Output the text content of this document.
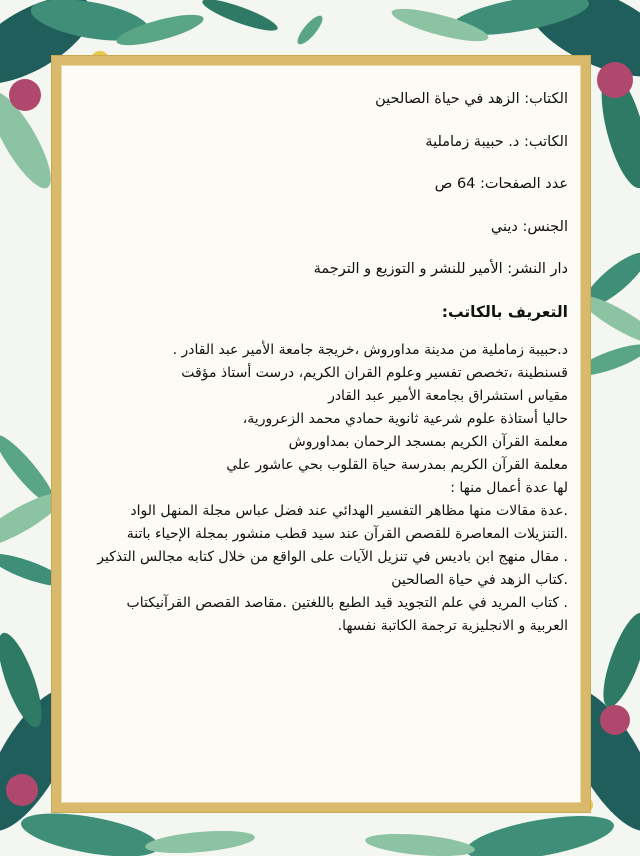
الكتاب: الزهد في حياة الصالحين

الكاتب: د. حبيبة زماملية

عدد الصفحات: 64 ص

الجنس: ديني

دار النشر: الأمير للنشر و التوزيع و الترجمة

التعريف بالكاتب:

د.حبيبة زماملية من مدينة مداوروش ،خريجة جامعة الأمير عبد القادر .

قسنطينة ،تخصص تفسير وعلوم القران الكريم، درست أستاذ مؤقت

مقياس استشراق بجامعة الأمير عبد القادر

حاليا أستاذة علوم شرعية ثانوية حمادي محمد الزعرورية،

معلمة القرآن الكريم بمسجد الرحمان بمداوروش

معلمة القرآن الكريم بمدرسة حياة القلوب بحي عاشور علي

لها عدة أعمال منها :

.عدة مقالات منها مظاهر التفسير الهدائي عند فضل عباس مجلة المنهل الواد

.التنزيلات المعاصرة للقصص القرآن عند سيد قطب منشور بمجلة الإحياء باتنة

. مقال منهج ابن باديس في تنزيل الآيات على الواقع من خلال كتابه مجالس التذكير

.كتاب الزهد في حياة الصالحين

. كتاب المريد في علم التجويد قيد الطبع باللغتين .مقاصد القصص القرآنيكتاب

العربية و الانجليزية ترجمة الكاتبة نفسها.
